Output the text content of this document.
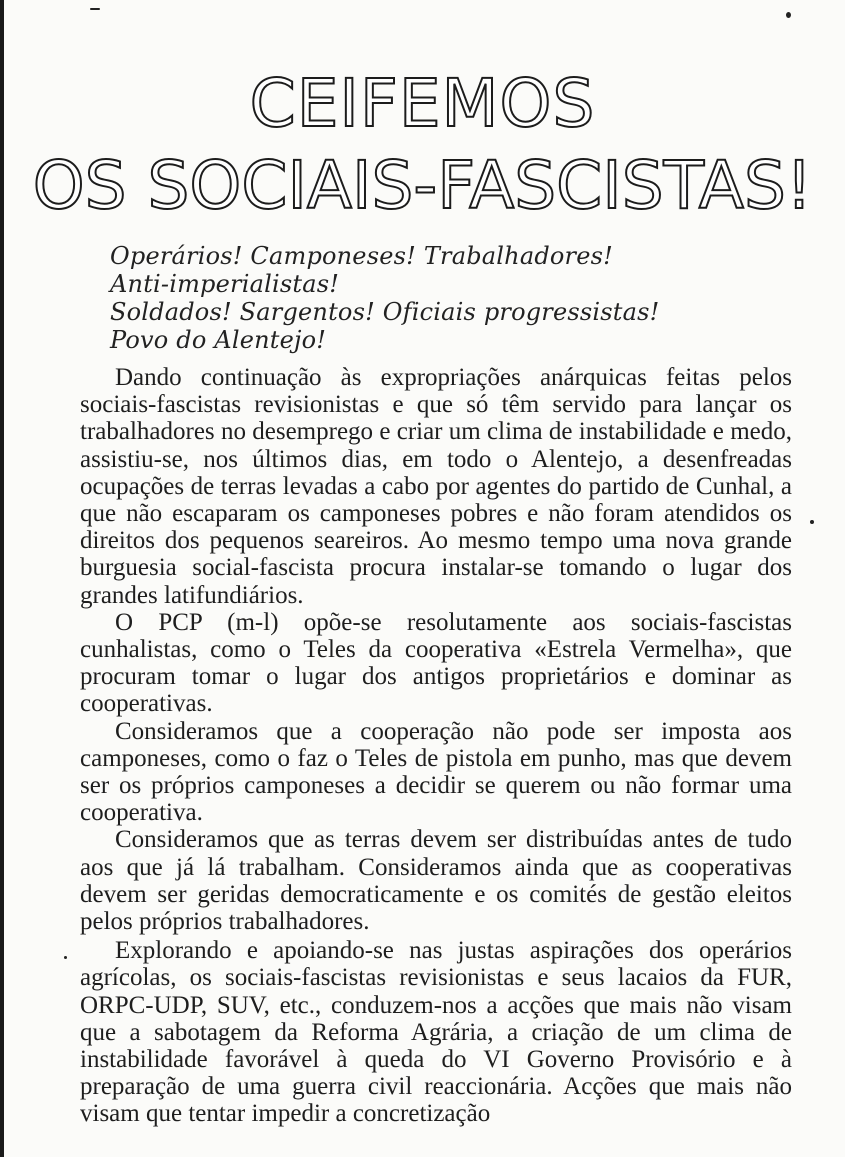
CEIFEMOS
OS SOCIAIS-FASCISTAS!
Operários! Camponeses! Trabalhadores!
Anti-imperialistas!
Soldados! Sargentos! Oficiais progressistas!
Povo do Alentejo!

Dando continuação às expropriações anárquicas feitas pelos sociais-fascistas revisionistas e que só têm servido para lançar os trabalhadores no desemprego e criar um clima de instabilidade e medo, assistiu-se, nos últimos dias, em todo o Alentejo, a desenfreadas ocupações de terras levadas a cabo por agentes do partido de Cunhal, a que não escaparam os camponeses pobres e não foram atendidos os direitos dos pequenos seareiros. Ao mesmo tempo uma nova grande burguesia social-fascista procura instalar-se tomando o lugar dos grandes latifundiários.

O PCP (m-l) opõe-se resolutamente aos sociais-fascistas cunhalistas, como o Teles da cooperativa «Estrela Vermelha», que procuram tomar o lugar dos antigos proprietários e dominar as cooperativas.

Consideramos que a cooperação não pode ser imposta aos camponeses, como o faz o Teles de pistola em punho, mas que devem ser os próprios camponeses a decidir se querem ou não formar uma cooperativa.

Consideramos que as terras devem ser distribuídas antes de tudo aos que já lá trabalham. Consideramos ainda que as cooperativas devem ser geridas democraticamente e os comités de gestão eleitos pelos próprios trabalhadores.

Explorando e apoiando-se nas justas aspirações dos operários agrícolas, os sociais-fascistas revisionistas e seus lacaios da FUR, ORPC-UDP, SUV, etc., conduzem-nos a acções que mais não visam que a sabotagem da Reforma Agrária, a criação de um clima de instabilidade favorável à queda do VI Governo Provisório e à preparação de uma guerra civil reaccionária. Acções que mais não visam que tentar impedir a concretização
